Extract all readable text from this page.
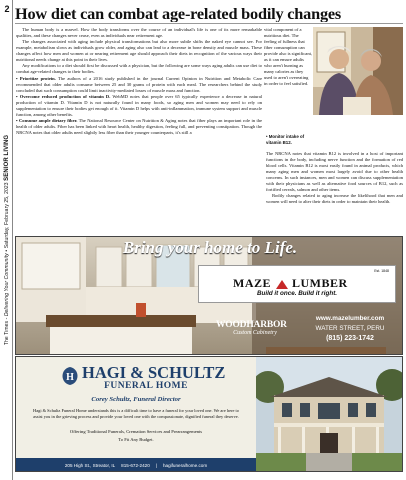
2
The Times - Delivering Your Community • Saturday, February 25, 2023 SENIOR LIVING
How diet can combat age-related bodily changes

The human body is a marvel. How the body transforms over the course of an individual's life is one of its more remarkable qualities, and these changes never cease, even as individuals near retirement age.

The changes associated with aging include physical transformations but also more subtle shifts the naked eye cannot see. For example, metabolism slows as individuals grow older, and aging also can lead to a decrease in bone density and muscle mass. These changes affect how men and women at or nearing retirement age should approach their diets in recognition of the various ways their nutritional needs change at this point in their lives.

Any modifications to a diet should first be discussed with a physician, but the following are some ways aging adults can use diet to combat age-related changes to their bodies.

• Prioritize protein. The authors of a 2016 study published in the journal Current Opinion in Nutrition and Metabolic Care recommended that older adults consume between 25 and 30 grams of protein with each meal. The researchers behind the study concluded that such consumption could limit inactivity-mediated losses of muscle mass and function.

• Overcome reduced production of vitamin D. WebMD notes that people over 65 typically experience a decrease in natural production of vitamin D. Vitamin D is not naturally found in many foods, so aging men and women may need to rely on supplementation to ensure their bodies get enough of it. Vitamin D helps with anti-inflammation, immune system support and muscle function, among other benefits.

• Consume ample dietary fiber. The National Resource Center on Nutrition & Aging notes that fiber plays an important role in the health of older adults. Fiber has been linked with heart health, healthy digestion, feeling full, and preventing constipation. Though the NRCNA notes that older adults need slightly less fiber than their younger counterparts, it's still a

vital component of a nutritious diet. The feeling of fullness that fiber consumption can provide also is significant, as it can ensure adults who aren't burning as many calories as they used to aren't overeating in order to feel satisfied.
• Monitor intake of vitamin B12.

The NRCNA notes that vitamin B12 is involved in a host of important functions in the body, including nerve function and the formation of red blood cells. Vitamin B12 is most easily found in animal products, which many aging men and women most largely avoid due to other health concerns. In such instances, men and women can discuss supplementation with their physicians as well as alternative food sources of B12, such as fortified cereals, salmon and other items.

Bodily changes related to aging increase the likelihood that men and women will need to alter their diets in order to maintain their health.

Bring your home to Life.
Est. 1848
MAZE LUMBER
Build it once. Build it right.
WOODHARBOR
Custom Cabinetry
www.mazelumber.com
WATER STREET, PERU
(815) 223-1742
H HAGI & SCHULTZ
FUNERAL HOME
Corey Schultz, Funeral Director
Hagi & Schultz Funeral Home understands this is a difficult time to have a funeral for your loved one. We are here to assist you in the grieving process and provide your loved one with the compassionate, dignified funeral they deserve.
Offering Traditional Funerals, Cremation Services and Prearrangements
To Fit Any Budget.
205 High St., Streator, IL 815-672-2420 | hagifuneralhome.com
